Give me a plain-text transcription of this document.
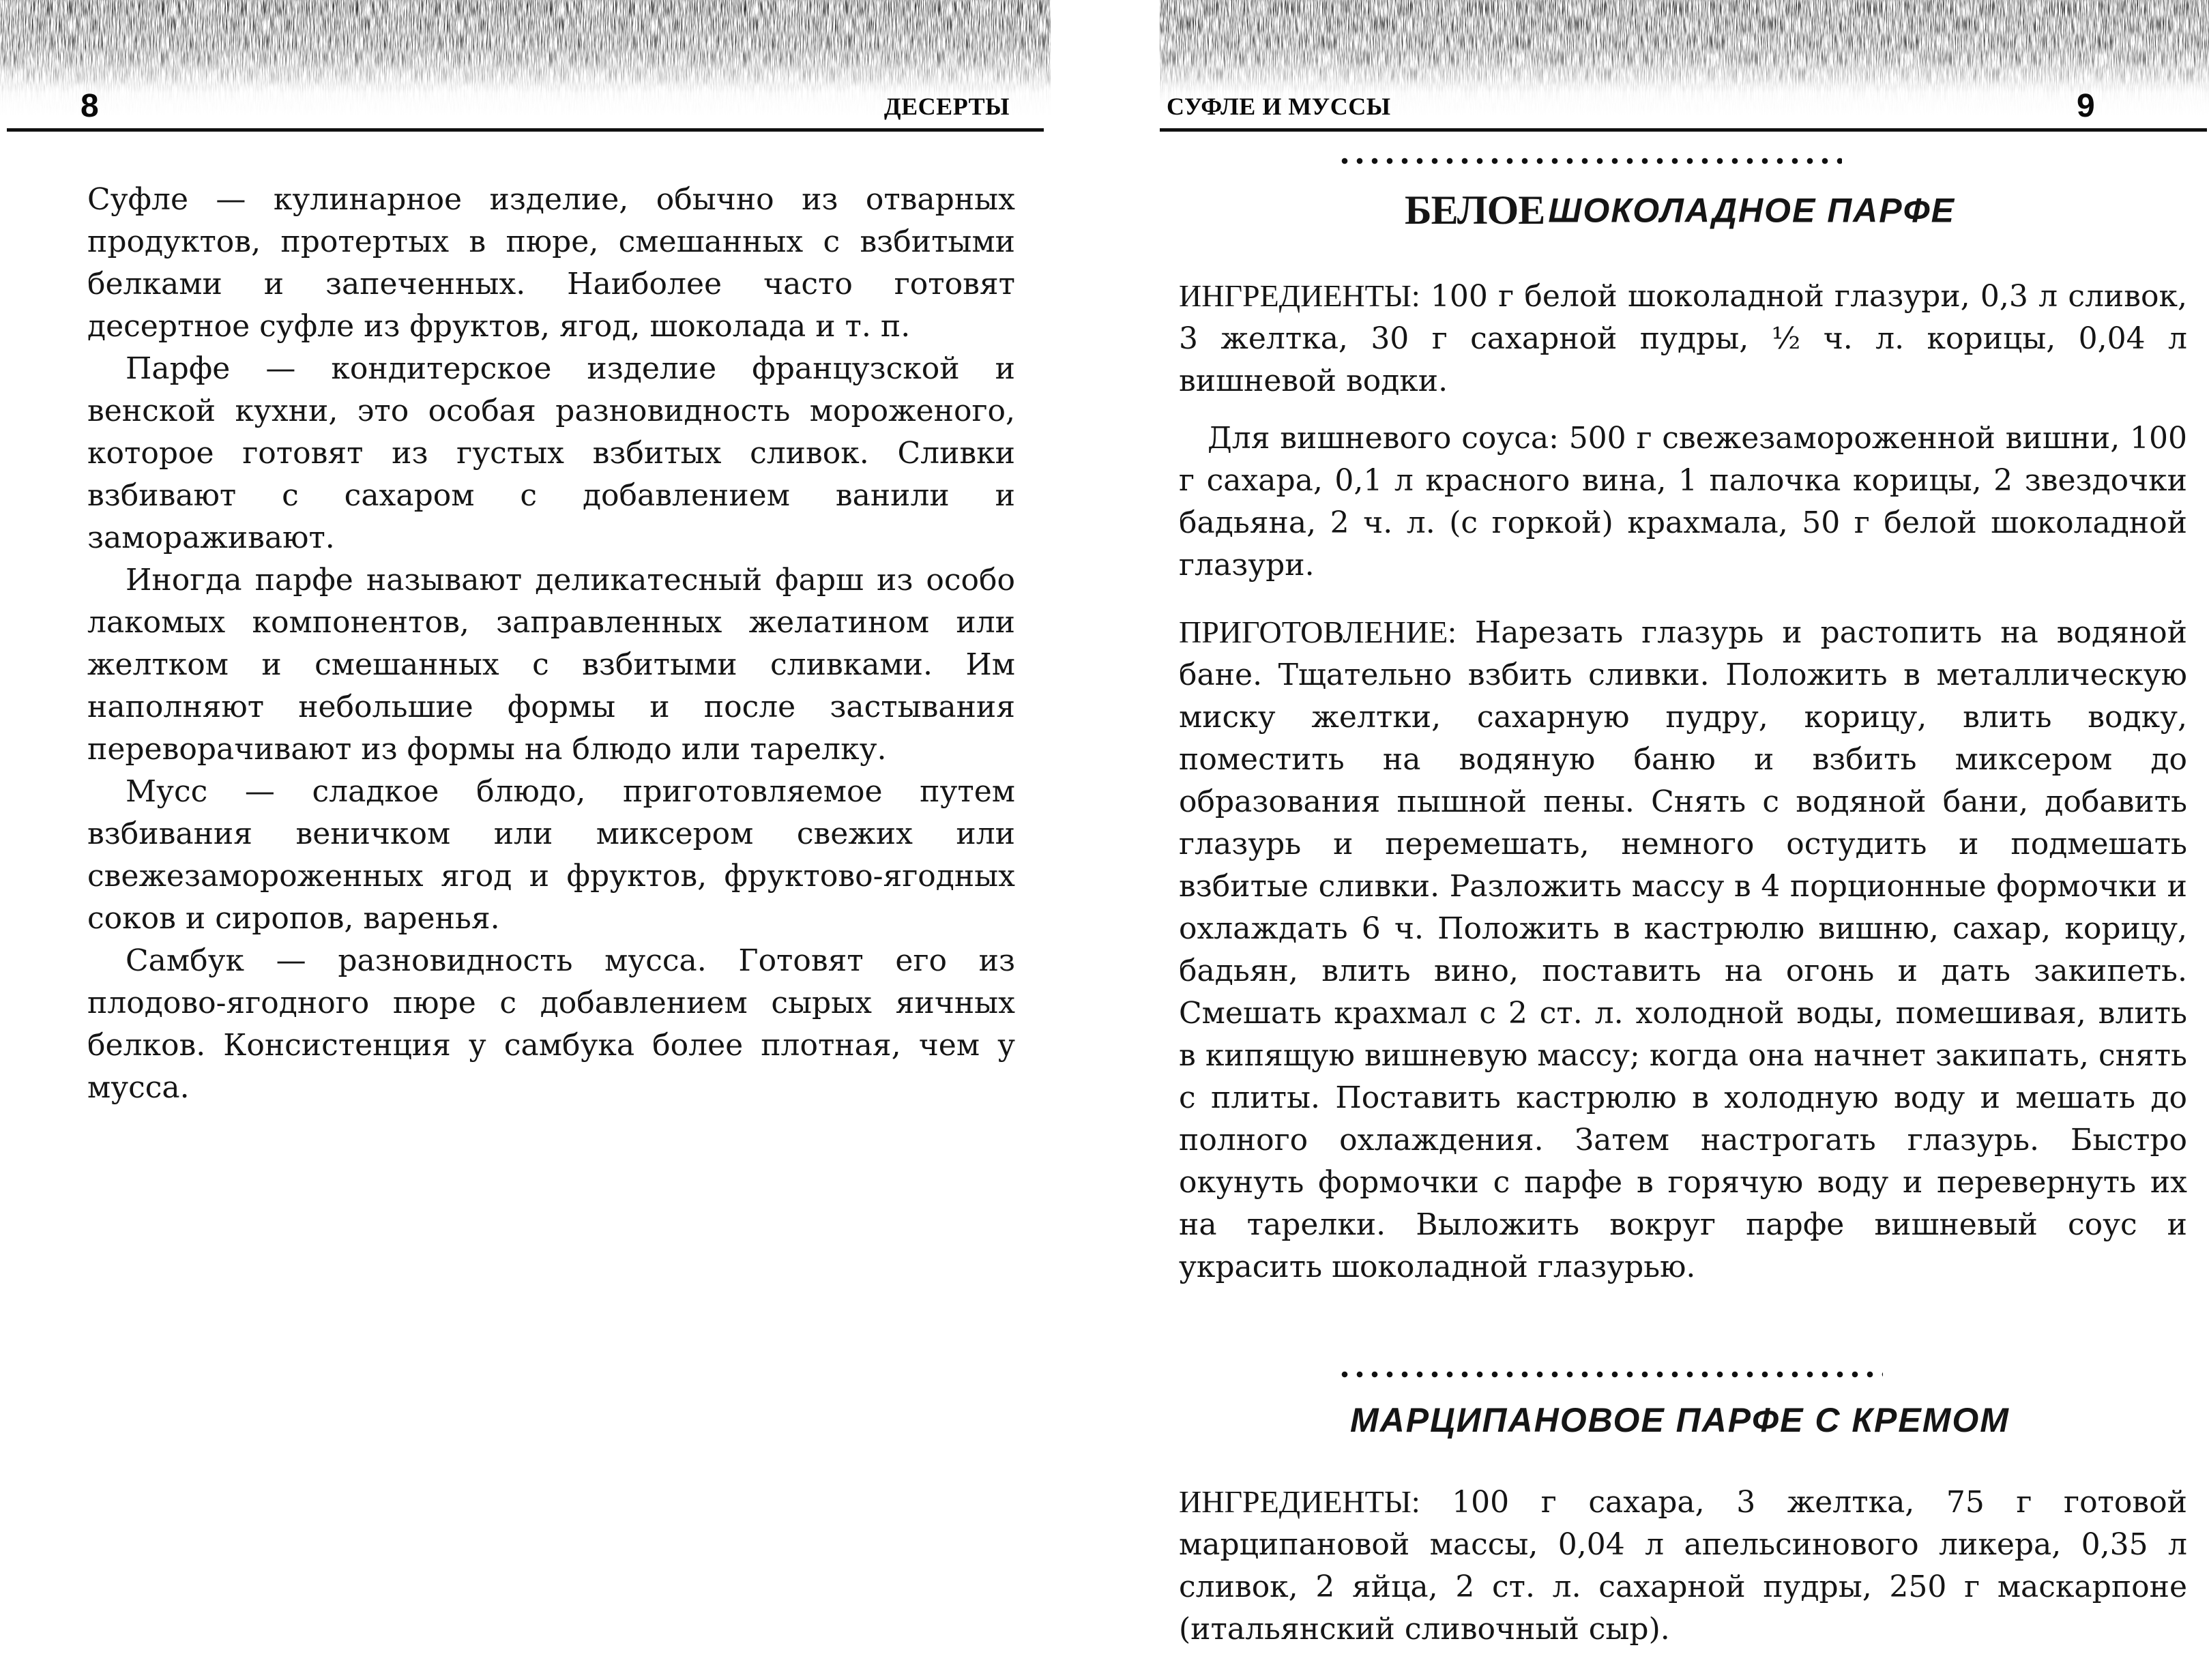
8	ДЕСЕРТЫ

Суфле — кулинарное изделие, обычно из отварных продуктов, протертых в пюре, смешанных с взбитыми белками и запеченных. Наиболее часто готовят десертное суфле из фруктов, ягод, шоколада и т. п.

Парфе — кондитерское изделие французской и венской кухни, это особая разновидность мороженого, которое готовят из густых взбитых сливок. Сливки взбивают с сахаром с добавлением ванили и замораживают.

Иногда парфе называют деликатесный фарш из особо лакомых компонентов, заправленных желатином или желтком и смешанных с взбитыми сливками. Им наполняют небольшие формы и после застывания переворачивают из формы на блюдо или тарелку.

Мусс — сладкое блюдо, приготовляемое путем взбивания веничком или миксером свежих или свежезамороженных ягод и фруктов, фруктово-ягодных соков и сиропов, варенья.

Самбук — разновидность мусса. Готовят его из плодово-ягодного пюре с добавлением сырых яичных белков. Консистенция у самбука более плотная, чем у мусса.

СУФЛЕ И МУССЫ	9
БЕЛОЕ ШОКОЛАДНОЕ ПАРФЕ

ИНГРЕДИЕНТЫ: 100 г белой шоколадной глазури, 0,3 л сливок, 3 желтка, 30 г сахарной пудры, ½ ч. л. корицы, 0,04 л вишневой водки.

Для вишневого соуса: 500 г свежезамороженной вишни, 100 г сахара, 0,1 л красного вина, 1 палочка корицы, 2 звездочки бадьяна, 2 ч. л. (с горкой) крахмала, 50 г белой шоколадной глазури.

ПРИГОТОВЛЕНИЕ: Нарезать глазурь и растопить на водяной бане. Тщательно взбить сливки. Положить в металлическую миску желтки, сахарную пудру, корицу, влить водку, поместить на водяную баню и взбить миксером до образования пышной пены. Снять с водяной бани, добавить глазурь и перемешать, немного остудить и подмешать взбитые сливки. Разложить массу в 4 порционные формочки и охлаждать 6 ч. Положить в кастрюлю вишню, сахар, корицу, бадьян, влить вино, поставить на огонь и дать закипеть. Смешать крахмал с 2 ст. л. холодной воды, помешивая, влить в кипящую вишневую массу; когда она начнет закипать, снять с плиты. Поставить кастрюлю в холодную воду и мешать до полного охлаждения. Затем настрогать глазурь. Быстро окунуть формочки с парфе в горячую воду и перевернуть их на тарелки. Выложить вокруг парфе вишневый соус и украсить шоколадной глазурью.

МАРЦИПАНОВОЕ ПАРФЕ С КРЕМОМ

ИНГРЕДИЕНТЫ: 100 г сахара, 3 желтка, 75 г готовой марципановой массы, 0,04 л апельсинового ликера, 0,35 л сливок, 2 яйца, 2 ст. л. сахарной пудры, 250 г маскарпоне (итальянский сливочный сыр).
